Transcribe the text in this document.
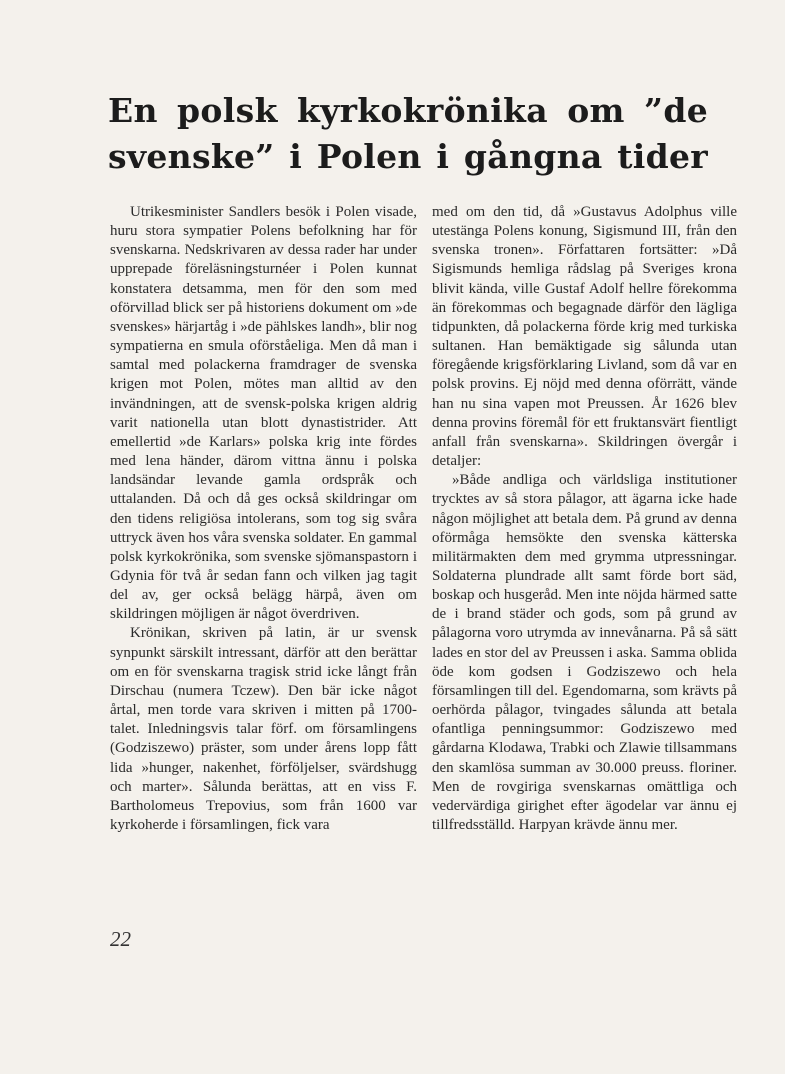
En polsk kyrkokrönika om ”de
svenske” i Polen i gångna tider

Utrikesminister Sandlers besök i Polen visade, huru stora sympatier Polens befolkning har för svenskarna. Nedskrivaren av dessa rader har under upprepade föreläsningsturnéer i Polen kunnat konstatera detsamma, men för den som med oförvillad blick ser på historiens dokument om »de svenskes» härjartåg i »de pählskes landh», blir nog sympatierna en smula oförståeliga. Men då man i samtal med polackerna framdrager de svenska krigen mot Polen, mötes man alltid av den invändningen, att de svensk-polska krigen aldrig varit nationella utan blott dynastistrider. Att emellertid »de Karlars» polska krig inte fördes med lena händer, därom vittna ännu i polska landsändar levande gamla ordspråk och uttalanden. Då och då ges också skildringar om den tidens religiösa intolerans, som tog sig svåra uttryck även hos våra svenska soldater. En gammal polsk kyrkokrönika, som svenske sjömanspastorn i Gdynia för två år sedan fann och vilken jag tagit del av, ger också belägg härpå, även om skildringen möjligen är något överdriven.

Krönikan, skriven på latin, är ur svensk synpunkt särskilt intressant, därför att den berättar om en för svenskarna tragisk strid icke långt från Dirschau (numera Tczew). Den bär icke något årtal, men torde vara skriven i mitten på 1700-talet. Inledningsvis talar förf. om församlingens (Godziszewo) präster, som under årens lopp fått lida »hunger, nakenhet, förföljelser, svärdshugg och marter». Sålunda berättas, att en viss F. Bartholomeus Trepovius, som från 1600 var kyrkoherde i församlingen, fick vara

med om den tid, då »Gustavus Adolphus ville utestänga Polens konung, Sigismund III, från den svenska tronen». Författaren fortsätter: »Då Sigismunds hemliga rådslag på Sveriges krona blivit kända, ville Gustaf Adolf hellre förekomma än förekommas och begagnade därför den lägliga tidpunkten, då polackerna förde krig med turkiska sultanen. Han bemäktigade sig sålunda utan föregående krigsförklaring Livland, som då var en polsk provins. Ej nöjd med denna oförrätt, vände han nu sina vapen mot Preussen. År 1626 blev denna provins föremål för ett fruktansvärt fientligt anfall från svenskarna». Skildringen övergår i detaljer:

»Både andliga och världsliga institutioner trycktes av så stora pålagor, att ägarna icke hade någon möjlighet att betala dem. På grund av denna oförmåga hemsökte den svenska kätterska militärmakten dem med grymma utpressningar. Soldaterna plundrade allt samt förde bort säd, boskap och husgeråd. Men inte nöjda härmed satte de i brand städer och gods, som på grund av pålagorna voro utrymda av innevånarna. På så sätt lades en stor del av Preussen i aska. Samma oblida öde kom godsen i Godziszewo och hela församlingen till del. Egendomarna, som krävts på oerhörda pålagor, tvingades sålunda att betala ofantliga penningsummor: Godziszewo med gårdarna Klodawa, Trabki och Zlawie tillsammans den skamlösa summan av 30.000 preuss. floriner. Men de rovgiriga svenskarnas omättliga och vedervärdiga girighet efter ägodelar var ännu ej tillfredsställd. Harpyan krävde ännu mer.

22
